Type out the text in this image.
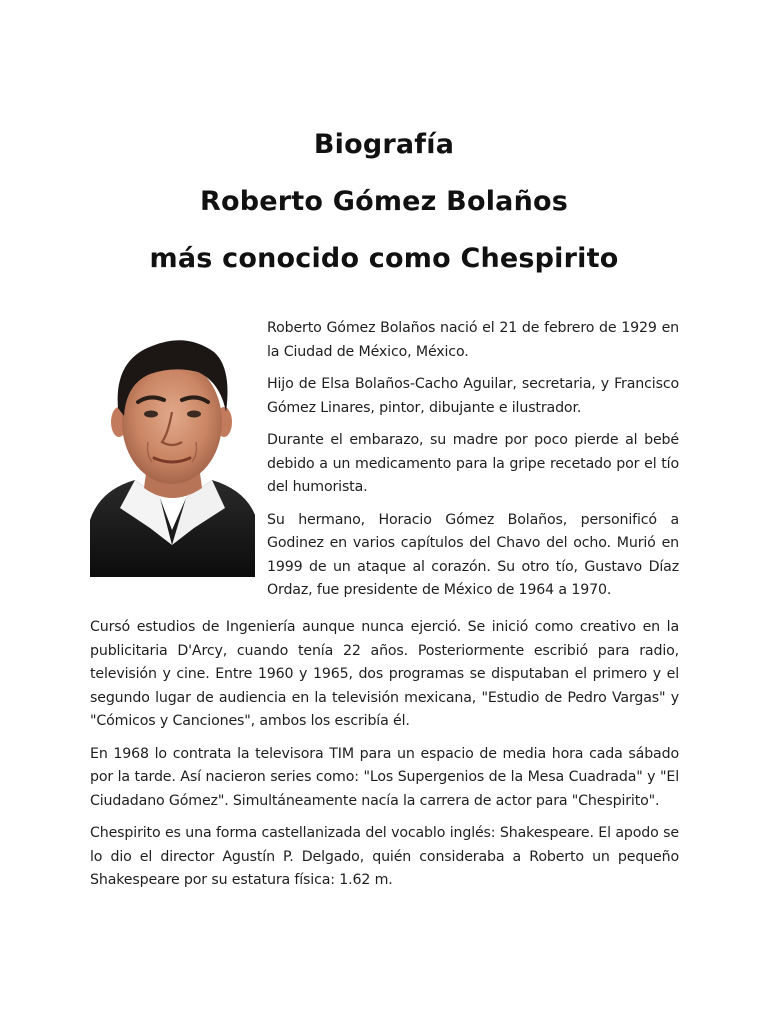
Biografía
Roberto Gómez Bolaños
más conocido como Chespirito

Roberto Gómez Bolaños nació el 21 de febrero de 1929 en la Ciudad de México, México.

Hijo de Elsa Bolaños-Cacho Aguilar, secretaria, y Francisco Gómez Linares, pintor, dibujante e ilustrador.

Durante el embarazo, su madre por poco pierde al bebé debido a un medicamento para la gripe recetado por el tío del humorista.

Su hermano, Horacio Gómez Bolaños, personificó a Godinez en varios capítulos del Chavo del ocho. Murió en 1999 de un ataque al corazón. Su otro tío, Gustavo Díaz Ordaz, fue presidente de México de 1964 a 1970.

Cursó estudios de Ingeniería aunque nunca ejerció. Se inició como creativo en la publicitaria D'Arcy, cuando tenía 22 años. Posteriormente escribió para radio, televisión y cine. Entre 1960 y 1965, dos programas se disputaban el primero y el segundo lugar de audiencia en la televisión mexicana, "Estudio de Pedro Vargas" y "Cómicos y Canciones", ambos los escribía él.

En 1968 lo contrata la televisora TIM para un espacio de media hora cada sábado por la tarde. Así nacieron series como: "Los Supergenios de la Mesa Cuadrada" y "El Ciudadano Gómez". Simultáneamente nacía la carrera de actor para "Chespirito".

Chespirito es una forma castellanizada del vocablo inglés: Shakespeare. El apodo se lo dio el director Agustín P. Delgado, quién consideraba a Roberto un pequeño Shakespeare por su estatura física: 1.62 m.
